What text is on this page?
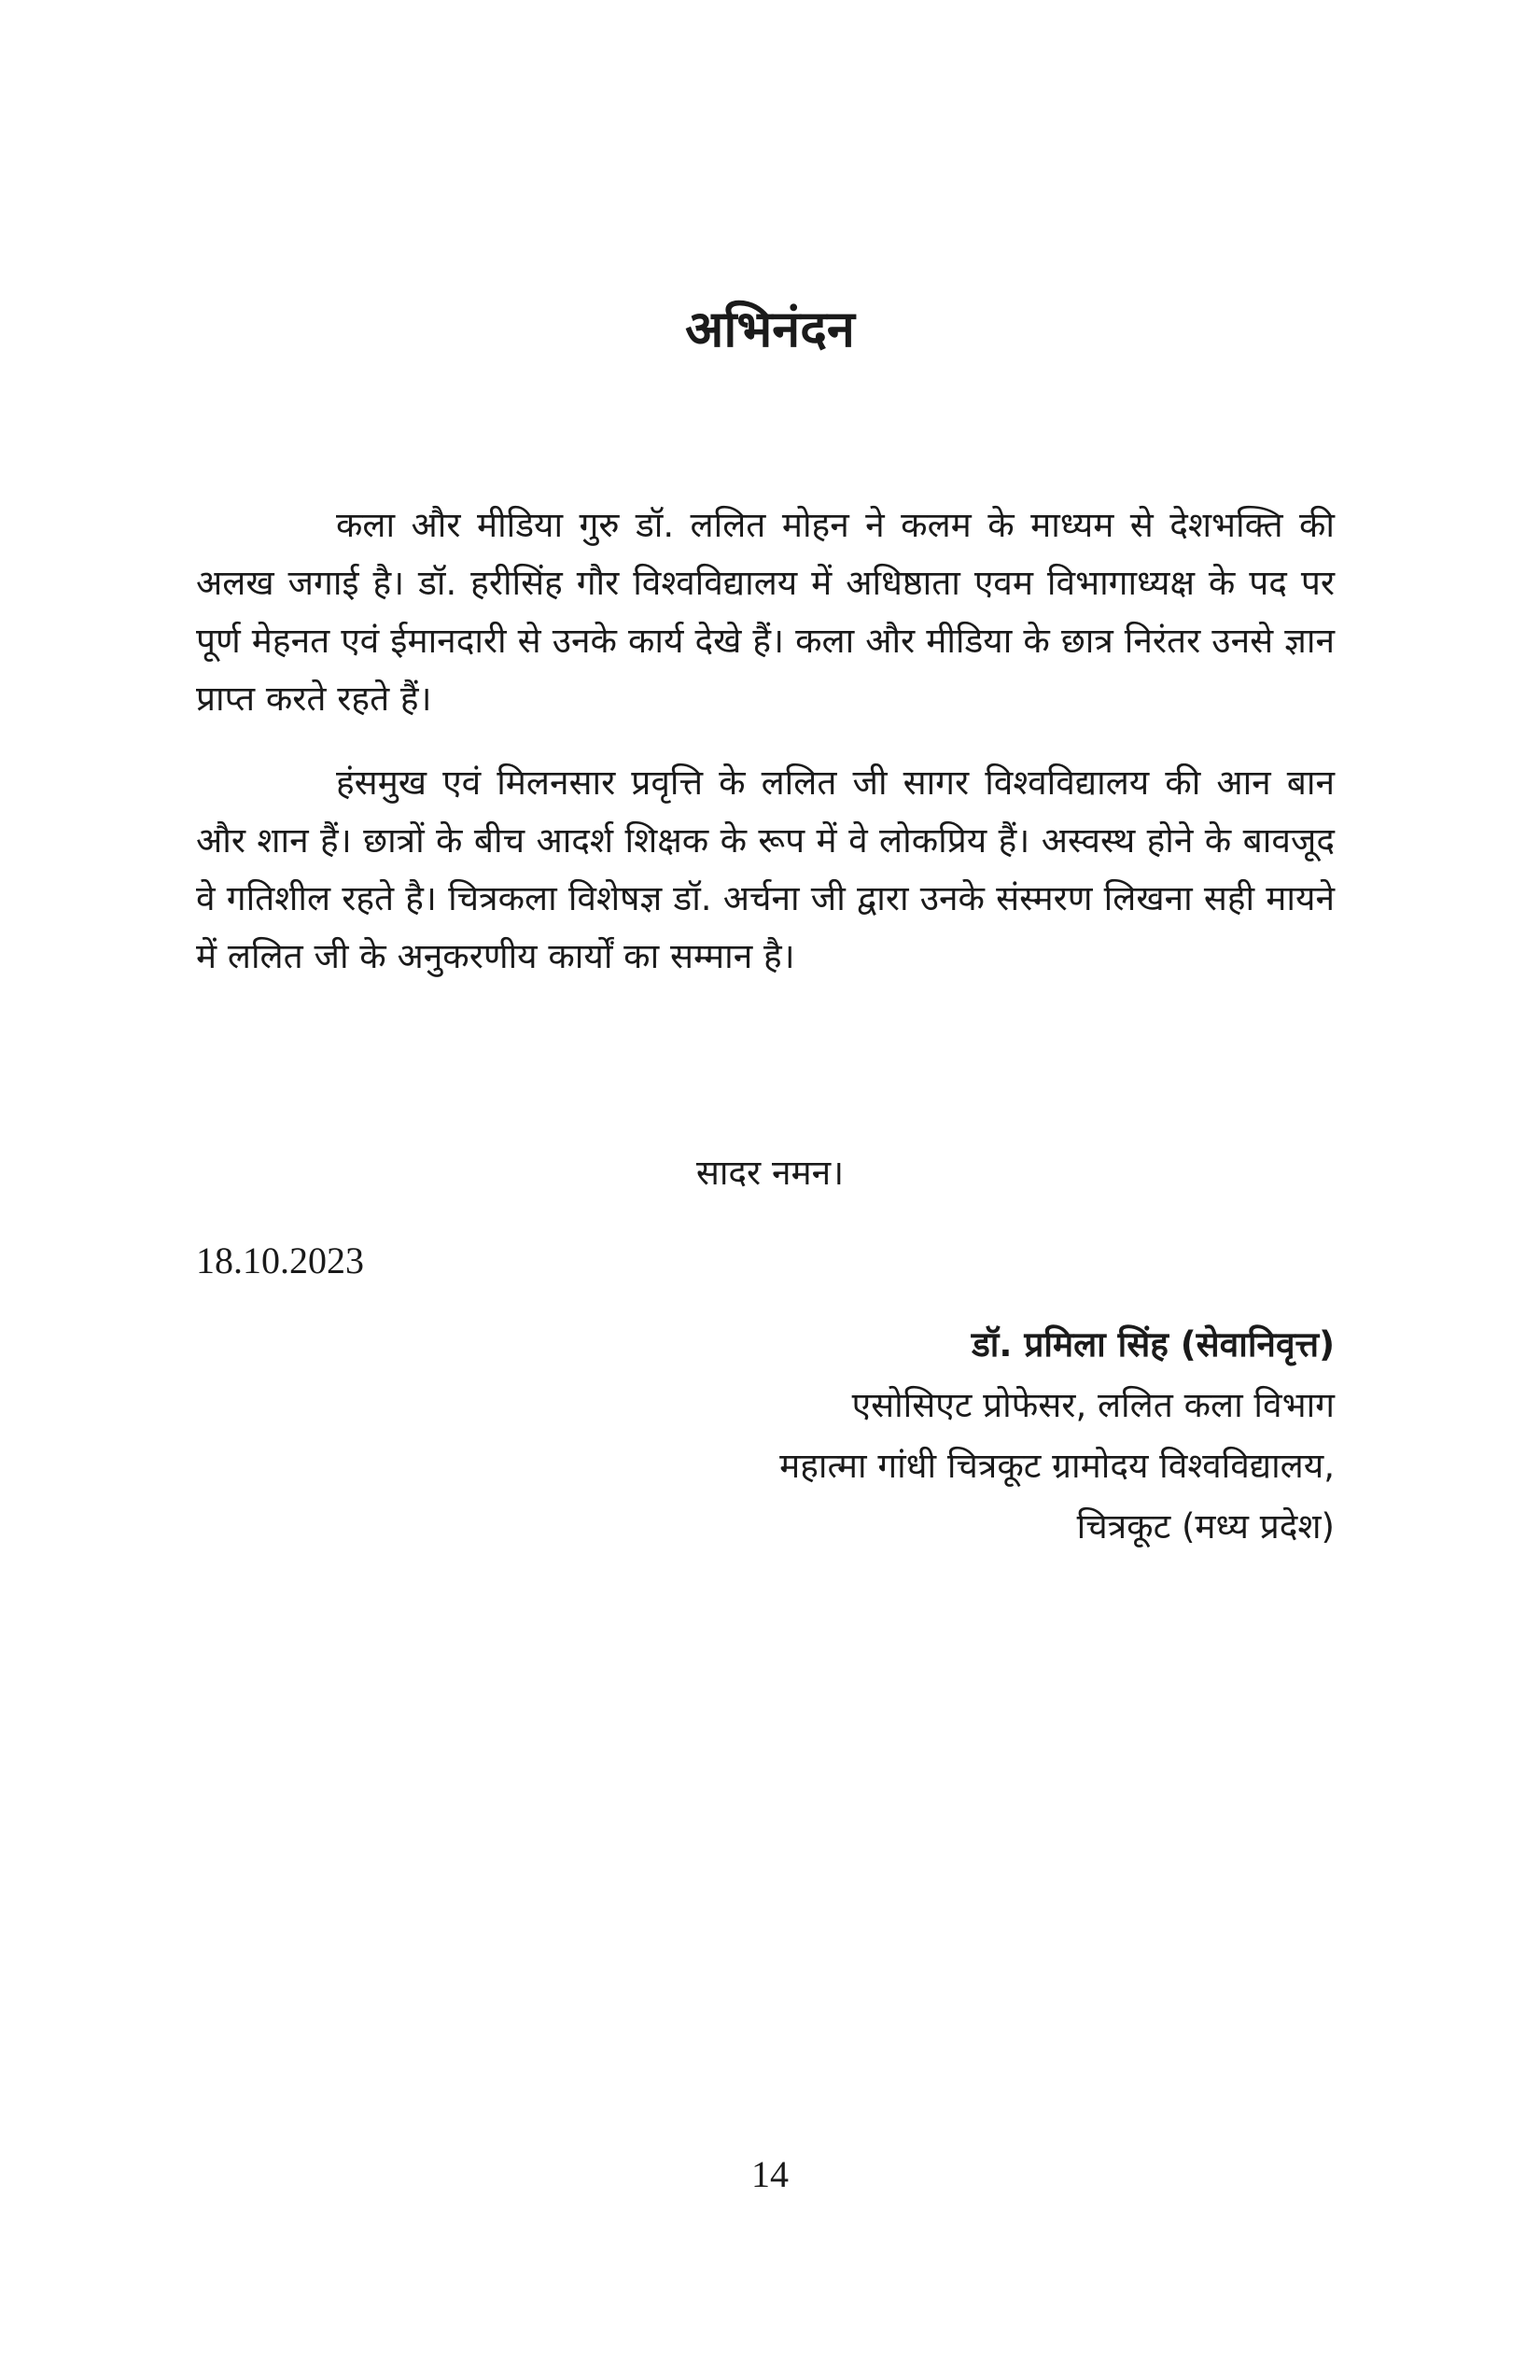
अभिनंदन

कला और मीडिया गुरु डॉ. ललित मोहन ने कलम के माध्यम से देशभक्ति की अलख जगाई है। डॉ. हरीसिंह गौर विश्वविद्यालय में अधिष्ठाता एवम विभागाध्यक्ष के पद पर पूर्ण मेहनत एवं ईमानदारी से उनके कार्य देखे हैं। कला और मीडिया के छात्र निरंतर उनसे ज्ञान प्राप्त करते रहते हैं।

हंसमुख एवं मिलनसार प्रवृत्ति के ललित जी सागर विश्वविद्यालय की आन बान और शान हैं। छात्रों के बीच आदर्श शिक्षक के रूप में वे लोकप्रिय हैं। अस्वस्थ होने के बावजूद वे गतिशील रहते है। चित्रकला विशेषज्ञ डॉ. अर्चना जी द्वारा उनके संस्मरण लिखना सही मायने में ललित जी के अनुकरणीय कार्यों का सम्मान है।

सादर नमन।

18.10.2023

डॉ. प्रमिला सिंह (सेवानिवृत्त)

एसोसिएट प्रोफेसर, ललित कला विभाग

महात्मा गांधी चित्रकूट ग्रामोदय विश्वविद्यालय,

चित्रकूट (मध्य प्रदेश)

14
